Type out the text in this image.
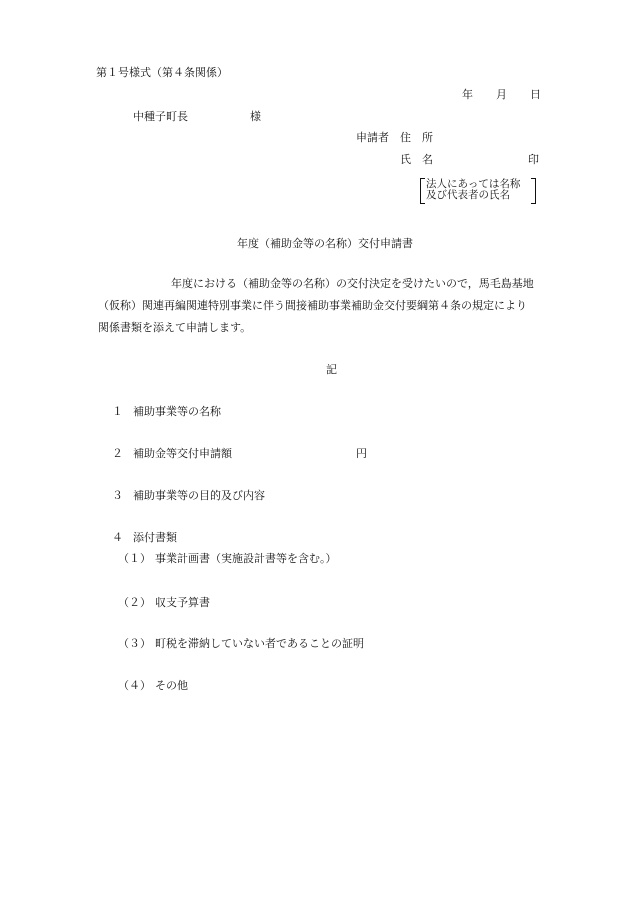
第１号様式（第４条関係）
年 月 日
中種子町長	様
申請者 住　所
氏　名	印
法人にあっては名称
及び代表者の氏名
年度（補助金等の名称）交付申請書
年度における（補助金等の名称）の交付決定を受けたいので，馬毛島基地
（仮称）関連再編関連特別事業に伴う間接補助事業補助金交付要綱第４条の規定により
関係書類を添えて申請します。
記
１ 補助事業等の名称
２ 補助金等交付申請額	円
３ 補助事業等の目的及び内容
４ 添付書類
（１） 事業計画書（実施設計書等を含む。）
（２） 収支予算書
（３） 町税を滞納していない者であることの証明
（４） その他
